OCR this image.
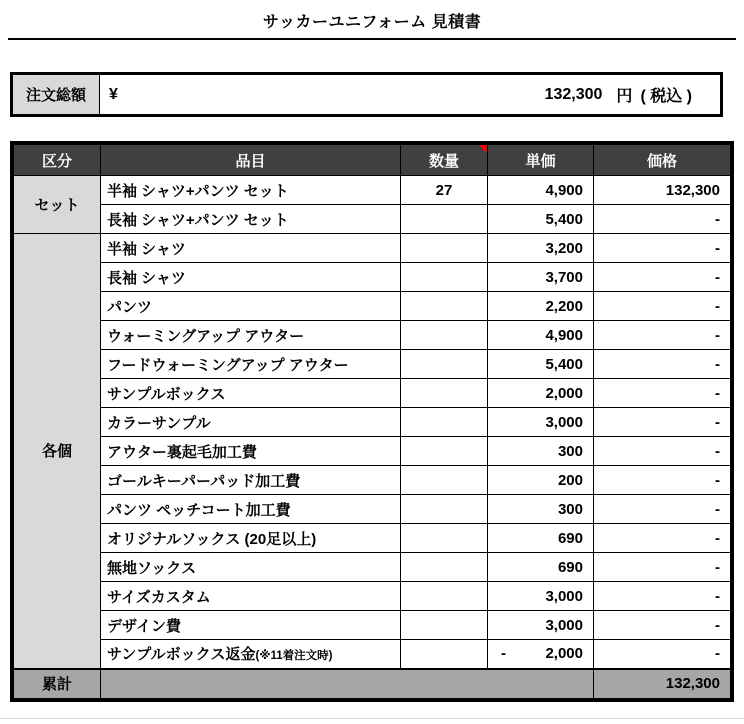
サッカーユニフォーム 見積書
注文総額	¥	132,300 円 ( 税込 )
区分	品目	数量	単価	価格
セット	半袖 シャツ+パンツ セット	27	4,900	132,300
	長袖 シャツ+パンツ セット		5,400	-
各個	半袖 シャツ		3,200	-
	長袖 シャツ		3,700	-
	パンツ		2,200	-
	ウォーミングアップ アウター		4,900	-
	フードウォーミングアップ アウター		5,400	-
	サンプルボックス		2,000	-
	カラーサンプル		3,000	-
	アウター裏起毛加工費		300	-
	ゴールキーパーパッド加工費		200	-
	パンツ ペッチコート加工費		300	-
	オリジナルソックス (20足以上)		690	-
	無地ソックス		690	-
	サイズカスタム		3,000	-
	デザイン費		3,000	-
	サンプルボックス返金(※11着注文時)		- 2,000	-
累計				132,300
